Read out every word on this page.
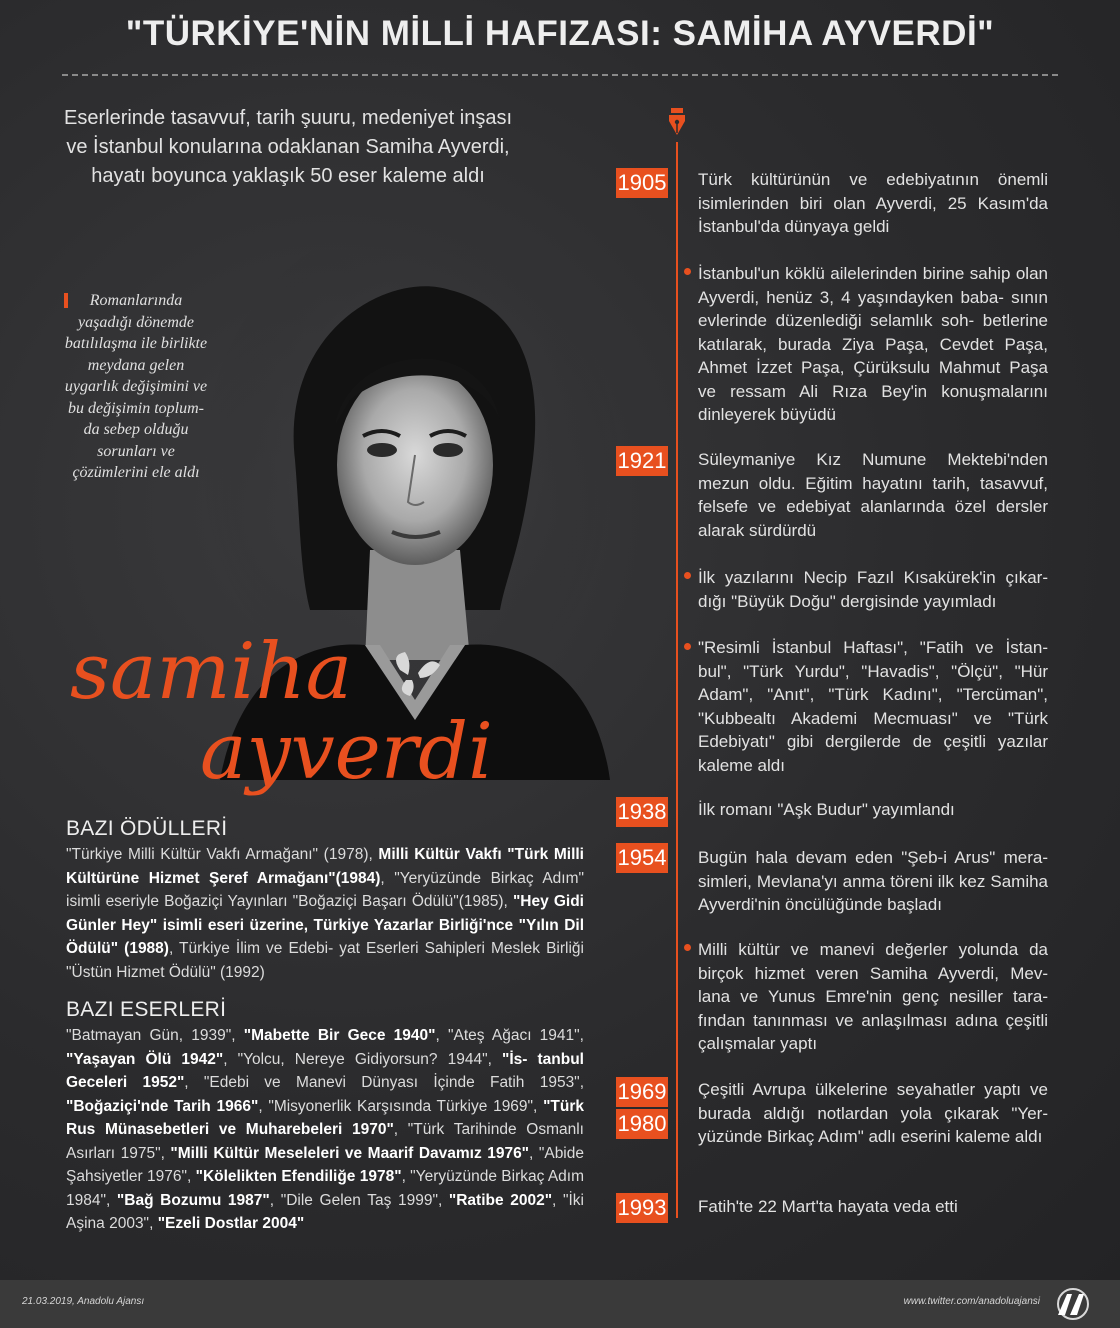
"TÜRKİYE'NİN MİLLİ HAFIZASI: SAMİHA AYVERDİ"
Eserlerinde tasavvuf, tarih şuuru, medeniyet inşası ve İstanbul konularına odaklanan Samiha Ayverdi, hayatı boyunca yaklaşık 50 eser kaleme aldı
Romanlarında yaşadığı dönemde batılılaşma ile birlikte meydana gelen uygarlık değişimini ve bu değişimin toplum- da sebep olduğu sorunları ve çözümlerini ele aldı
samiha
ayverdi
BAZI ÖDÜLLERİ
"Türkiye Milli Kültür Vakfı Armağanı" (1978), Milli Kültür Vakfı "Türk Milli Kültürüne Hizmet Şeref Armağanı"(1984), "Yeryüzünde Birkaç Adım" isimli eseriyle Boğaziçi Yayınları "Boğaziçi Başarı Ödülü"(1985), "Hey Gidi Günler Hey" isimli eseri üzerine, Türkiye Yazarlar Birliği'nce "Yılın Dil Ödülü" (1988), Türkiye İlim ve Edebi- yat Eserleri Sahipleri Meslek Birliği "Üstün Hizmet Ödülü" (1992)
BAZI ESERLERİ
"Batmayan Gün, 1939", "Mabette Bir Gece 1940", "Ateş Ağacı 1941", "Yaşayan Ölü 1942", "Yolcu, Nereye Gidiyorsun? 1944", "İs- tanbul Geceleri 1952", "Edebi ve Manevi Dünyası İçinde Fatih 1953", "Boğaziçi'nde Tarih 1966", "Misyonerlik Karşısında Türkiye 1969", "Türk Rus Münasebetleri ve Muharebeleri 1970", "Türk Tarihinde Osmanlı Asırları 1975", "Milli Kültür Meseleleri ve Maarif Davamız 1976", "Abide Şahsiyetler 1976", "Kölelikten Efendiliğe 1978", "Yeryüzünde Birkaç Adım 1984", "Bağ Bozumu 1987", "Dile Gelen Taş 1999", "Ratibe 2002", "İki Aşina 2003", "Ezeli Dostlar 2004"
1905
1921
1938
1954
1969
1980
1993
Türk kültürünün ve edebiyatının önemli isimlerinden biri olan Ayverdi, 25 Kasım'da İstanbul'da dünyaya geldi
İstanbul'un köklü ailelerinden birine sahip olan Ayverdi, henüz 3, 4 yaşındayken baba- sının evlerinde düzenlediği selamlık soh- betlerine katılarak, burada Ziya Paşa, Cevdet Paşa, Ahmet İzzet Paşa, Çürüksulu Mahmut Paşa ve ressam Ali Rıza Bey'in konuşmalarını dinleyerek büyüdü
Süleymaniye Kız Numune Mektebi'nden mezun oldu. Eğitim hayatını tarih, tasavvuf, felsefe ve edebiyat alanlarında özel dersler alarak sürdürdü
İlk yazılarını Necip Fazıl Kısakürek'in çıkar- dığı "Büyük Doğu" dergisinde yayımladı
"Resimli İstanbul Haftası", "Fatih ve İstan- bul", "Türk Yurdu", "Havadis", "Ölçü", "Hür Adam", "Anıt", "Türk Kadını", "Tercüman", "Kubbealtı Akademi Mecmuası" ve "Türk Edebiyatı" gibi dergilerde de çeşitli yazılar kaleme aldı
İlk romanı "Aşk Budur" yayımlandı
Bugün hala devam eden "Şeb-i Arus" mera- simleri, Mevlana'yı anma töreni ilk kez Samiha Ayverdi'nin öncülüğünde başladı
Milli kültür ve manevi değerler yolunda da birçok hizmet veren Samiha Ayverdi, Mev- lana ve Yunus Emre'nin genç nesiller tara- fından tanınması ve anlaşılması adına çeşitli çalışmalar yaptı
Çeşitli Avrupa ülkelerine seyahatler yaptı ve burada aldığı notlardan yola çıkarak "Yer- yüzünde Birkaç Adım" adlı eserini kaleme aldı
Fatih'te 22 Mart'ta hayata veda etti
21.03.2019, Anadolu Ajansı	www.twitter.com/anadoluajansi
